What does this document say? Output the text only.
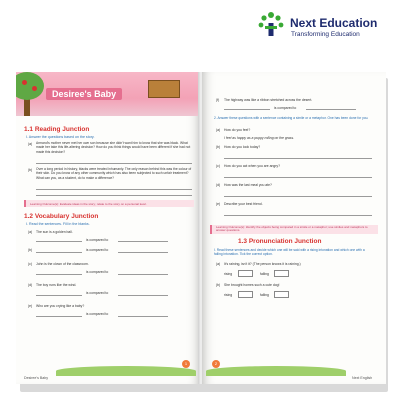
Next Education
Transforming Education
Desiree's Baby
1.1 Reading Junction
I. Answer the questions based on the story.
(a) Armand's mother never met her own son because she didn't want him to know that she was black. What made her take this life-altering decision? How do you think things would have been different if she had not made this decision?
(b) Over a long period in history, blacks were treated inhumanly. The only reason behind this was the colour of their skin. Do you know of any other community which has also been subjected to such unfair treatment? What can you, as a student, do to make a difference?
Learning Outcome(s): Evaluate ideas in the story; relate to the story on a personal level.
1.2 Vocabulary Junction
I. Read the sentences. Fill in the blanks.
(a) The sun is a golden ball.
is compared to
(b)	is compared to
(c) John is the clown of the classroom.
is compared to
(d) The boy runs like the wind.
is compared to
(e) Who are you crying like a baby?
is compared to
1
Desiree's Baby
(f) The highway was like a ribbon stretched across the desert.
is compared to
2. Answer these questions with a sentence containing a simile or a metaphor. One has been done for you.
(a) How do you feel?
I feel as happy as a puppy rolling on the grass.
(b) How do you look today?
(c) How do you act when you are angry?
(d) How was the last meal you ate?
(e) Describe your best friend.
Learning Outcome(s): Identify the objects being compared in a simile or a metaphor; use similes and metaphors to answer questions.
1.3 Pronunciation Junction
I. Read these sentences and decide which one will be said with a rising intonation and which one with a falling intonation. Tick the correct option.
(a) It's raining, isn't it? (The person knows it is raining.)
rising	falling
(b) She brought homes such a cute dog!
rising	falling
2
Next English
